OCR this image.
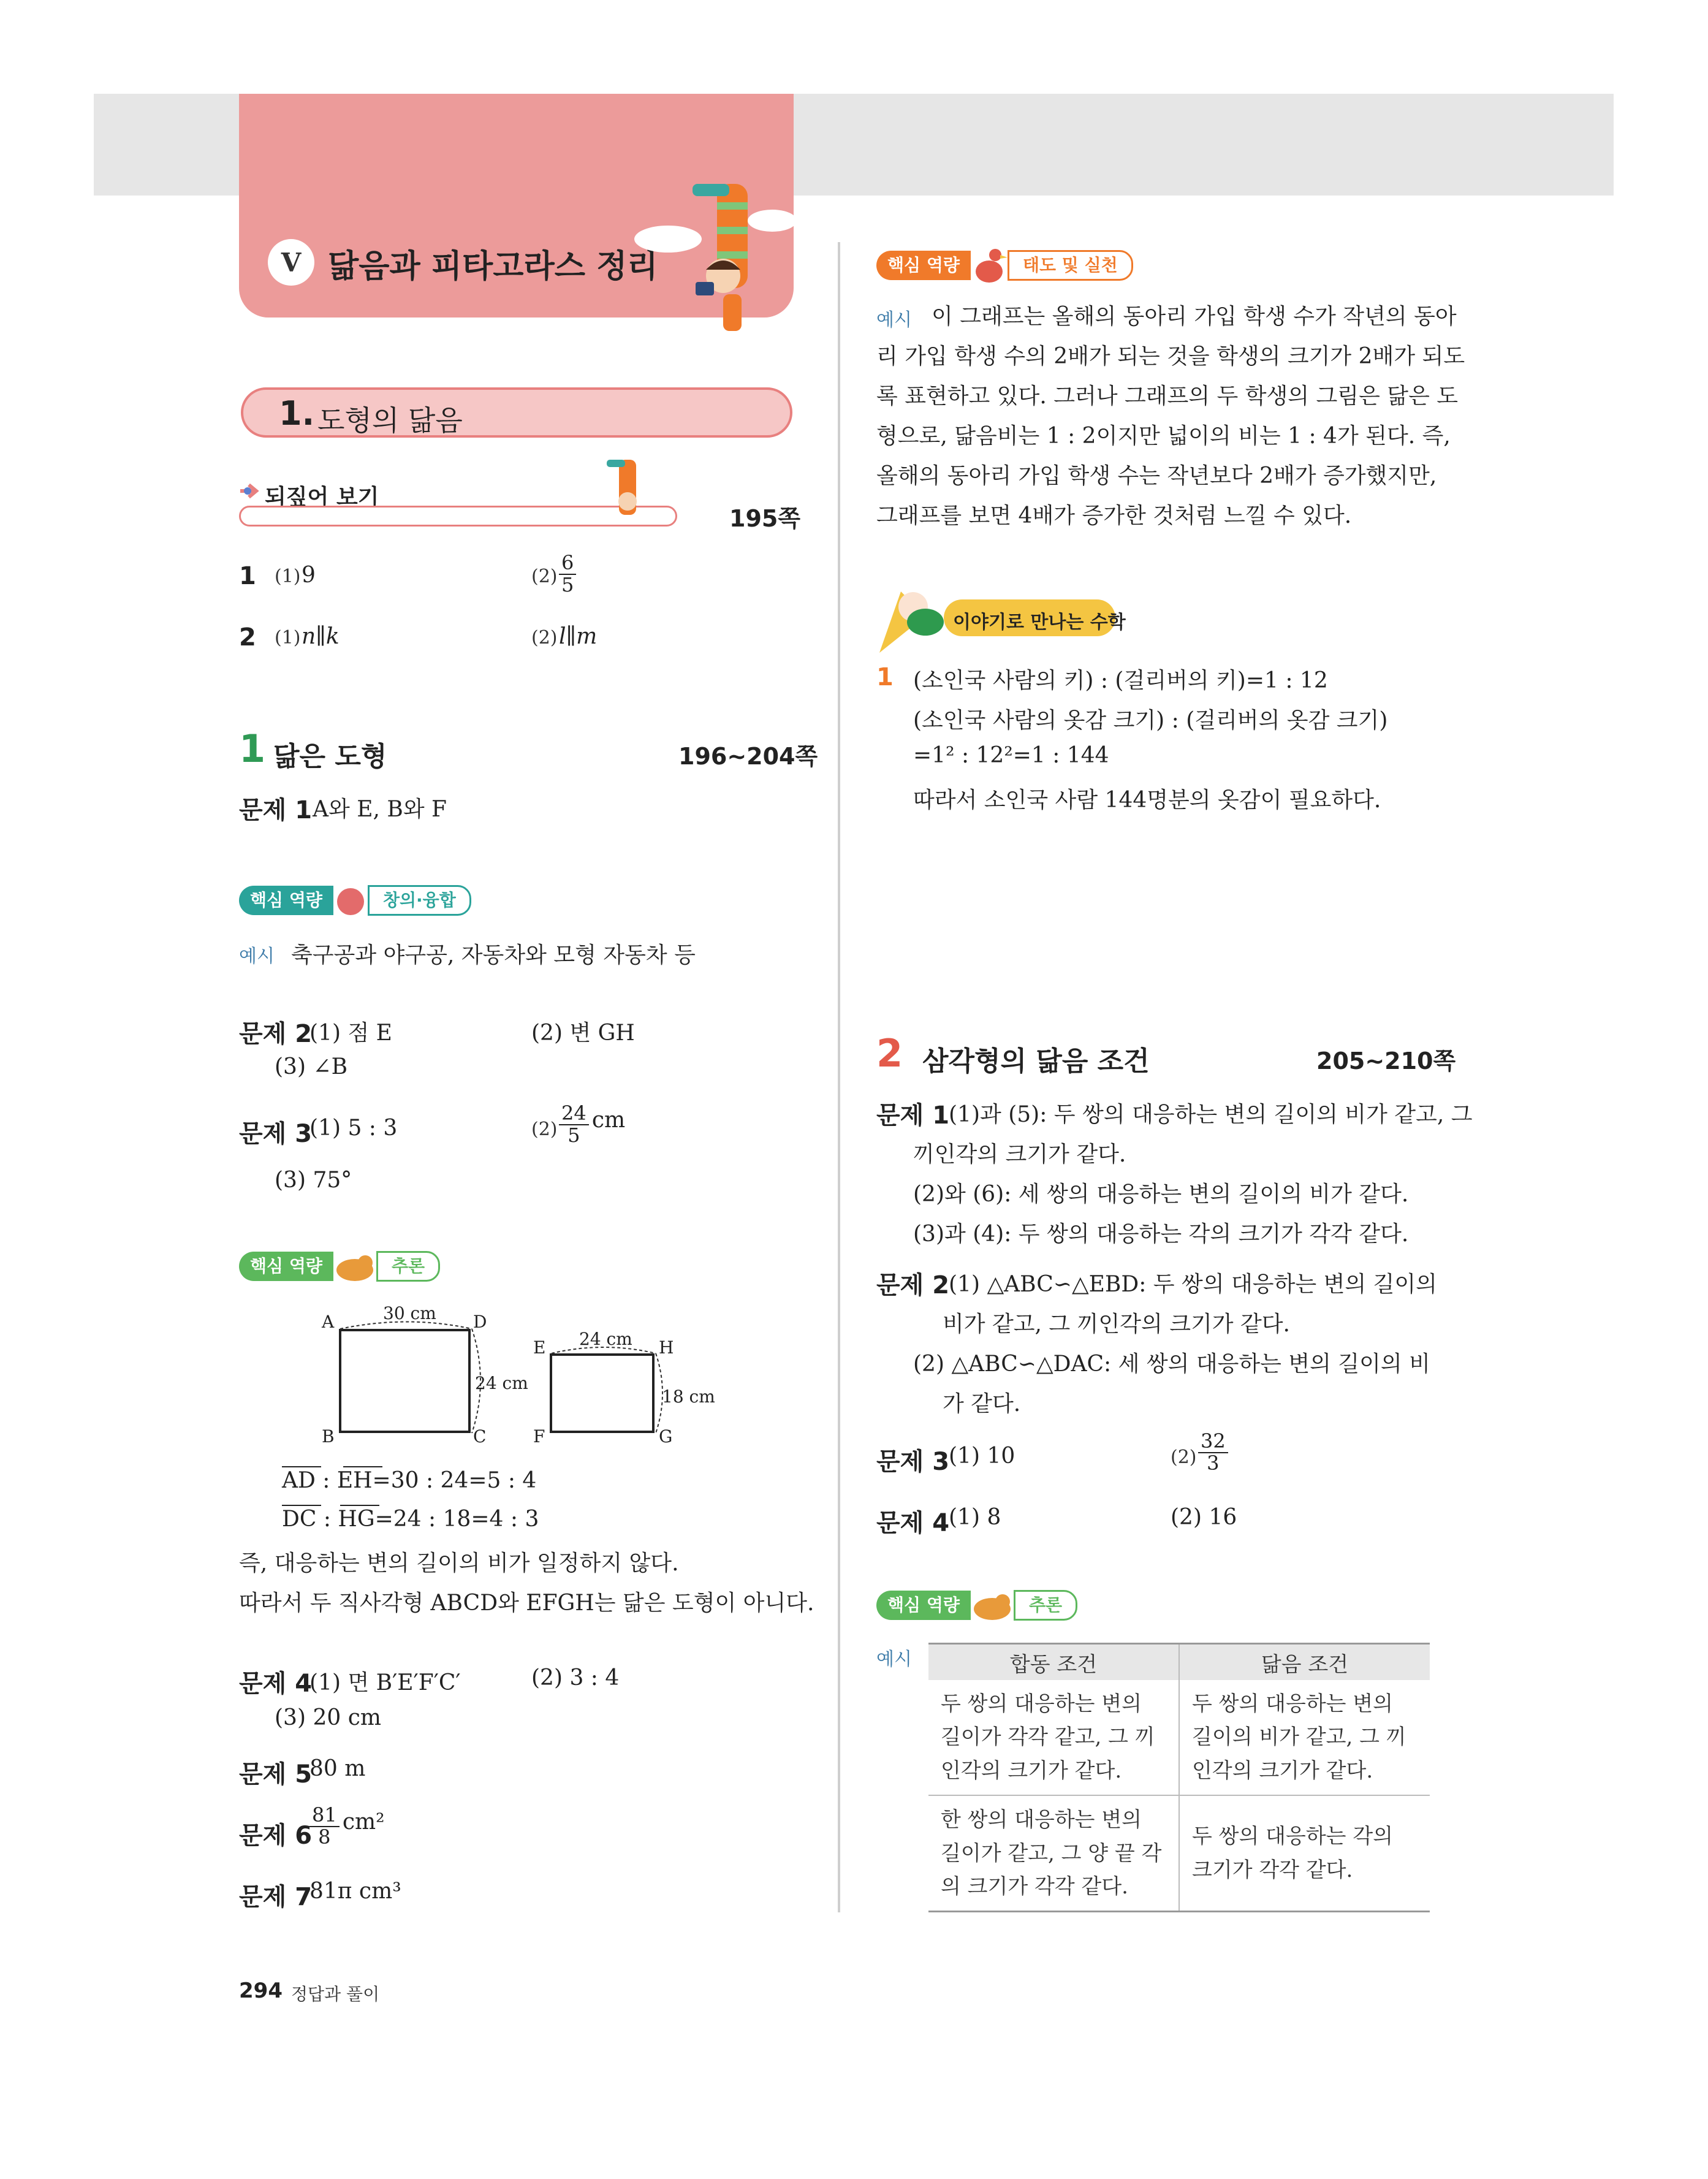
Ⅴ 닮음과 피타고라스 정리
1. 도형의 닮음
되짚어 보기
195쪽
1 (1) 9	$(2) \frac{6}{5}$
2 (1) n∥k	(2) l∥m
1 닮은 도형	196~204쪽
문제 1 A와 E, B와 F
핵심 역량	창의·융합
예시 축구공과 야구공, 자동차와 모형 자동차 등
문제 2
(1) 점 E	(2) 변 GH
(3) ∠B
문제 3
(1) 5 : 3	$(2) \frac{24}{5}$ cm
(3) 75°
핵심 역량	추론
A	D
B	C
30 cm
24 cm
E	H
F	G
24 cm
18 cm
AD : EH=30 : 24=5 : 4
DC : HG=24 : 18=4 : 3
즉, 대응하는 변의 길이의 비가 일정하지 않다.
따라서 두 직사각형 ABCD와 EFGH는 닮은 도형이 아니다.
문제 4
(1) 면 B′E′F′C′	(2) 3 : 4
(3) 20 cm
문제 5
80 m
문제 6
$\frac{81}{8} cm^2$
문제 7
81π cm³
핵심 역량	태도 및 실천
예시 이 그래프는 올해의 동아리 가입 학생 수가 작년의 동아
리 가입 학생 수의 2배가 되는 것을 학생의 크기가 2배가 되도
록 표현하고 있다. 그러나 그래프의 두 학생의 그림은 닮은 도
형으로, 닮음비는 1 : 2이지만 넓이의 비는 1 : 4가 된다. 즉,
올해의 동아리 가입 학생 수는 작년보다 2배가 증가했지만,
그래프를 보면 4배가 증가한 것처럼 느낄 수 있다.
이야기로 만나는 수학
1 (소인국 사람의 키) : (걸리버의 키)=1 : 12
(소인국 사람의 옷감 크기) : (걸리버의 옷감 크기)
=1² : 12²=1 : 144
따라서 소인국 사람 144명분의 옷감이 필요하다.
2 삼각형의 닮음 조건	205~210쪽
문제 1
(1)과 (5): 두 쌍의 대응하는 변의 길이의 비가 같고, 그
끼인각의 크기가 같다.
(2)와 (6): 세 쌍의 대응하는 변의 길이의 비가 같다.
(3)과 (4): 두 쌍의 대응하는 각의 크기가 각각 같다.
문제 2
(1) △ABC∽△EBD: 두 쌍의 대응하는 변의 길이의
비가 같고, 그 끼인각의 크기가 같다.
(2) △ABC∽△DAC: 세 쌍의 대응하는 변의 길이의 비
가 같다.
문제 3
(1) 10	$(2) \frac{32}{3}$
문제 4
(1) 8	(2) 16
핵심 역량	추론
예시	합동 조건	닮음 조건
두 쌍의 대응하는 변의 길이가 각각 같고, 그 끼인각의 크기가 같다.	두 쌍의 대응하는 변의 길이의 비가 같고, 그 끼인각의 크기가 같다.
한 쌍의 대응하는 변의 길이가 같고, 그 양 끝 각의 크기가 각각 같다.	두 쌍의 대응하는 각의 크기가 각각 같다.
294 정답과 풀이
